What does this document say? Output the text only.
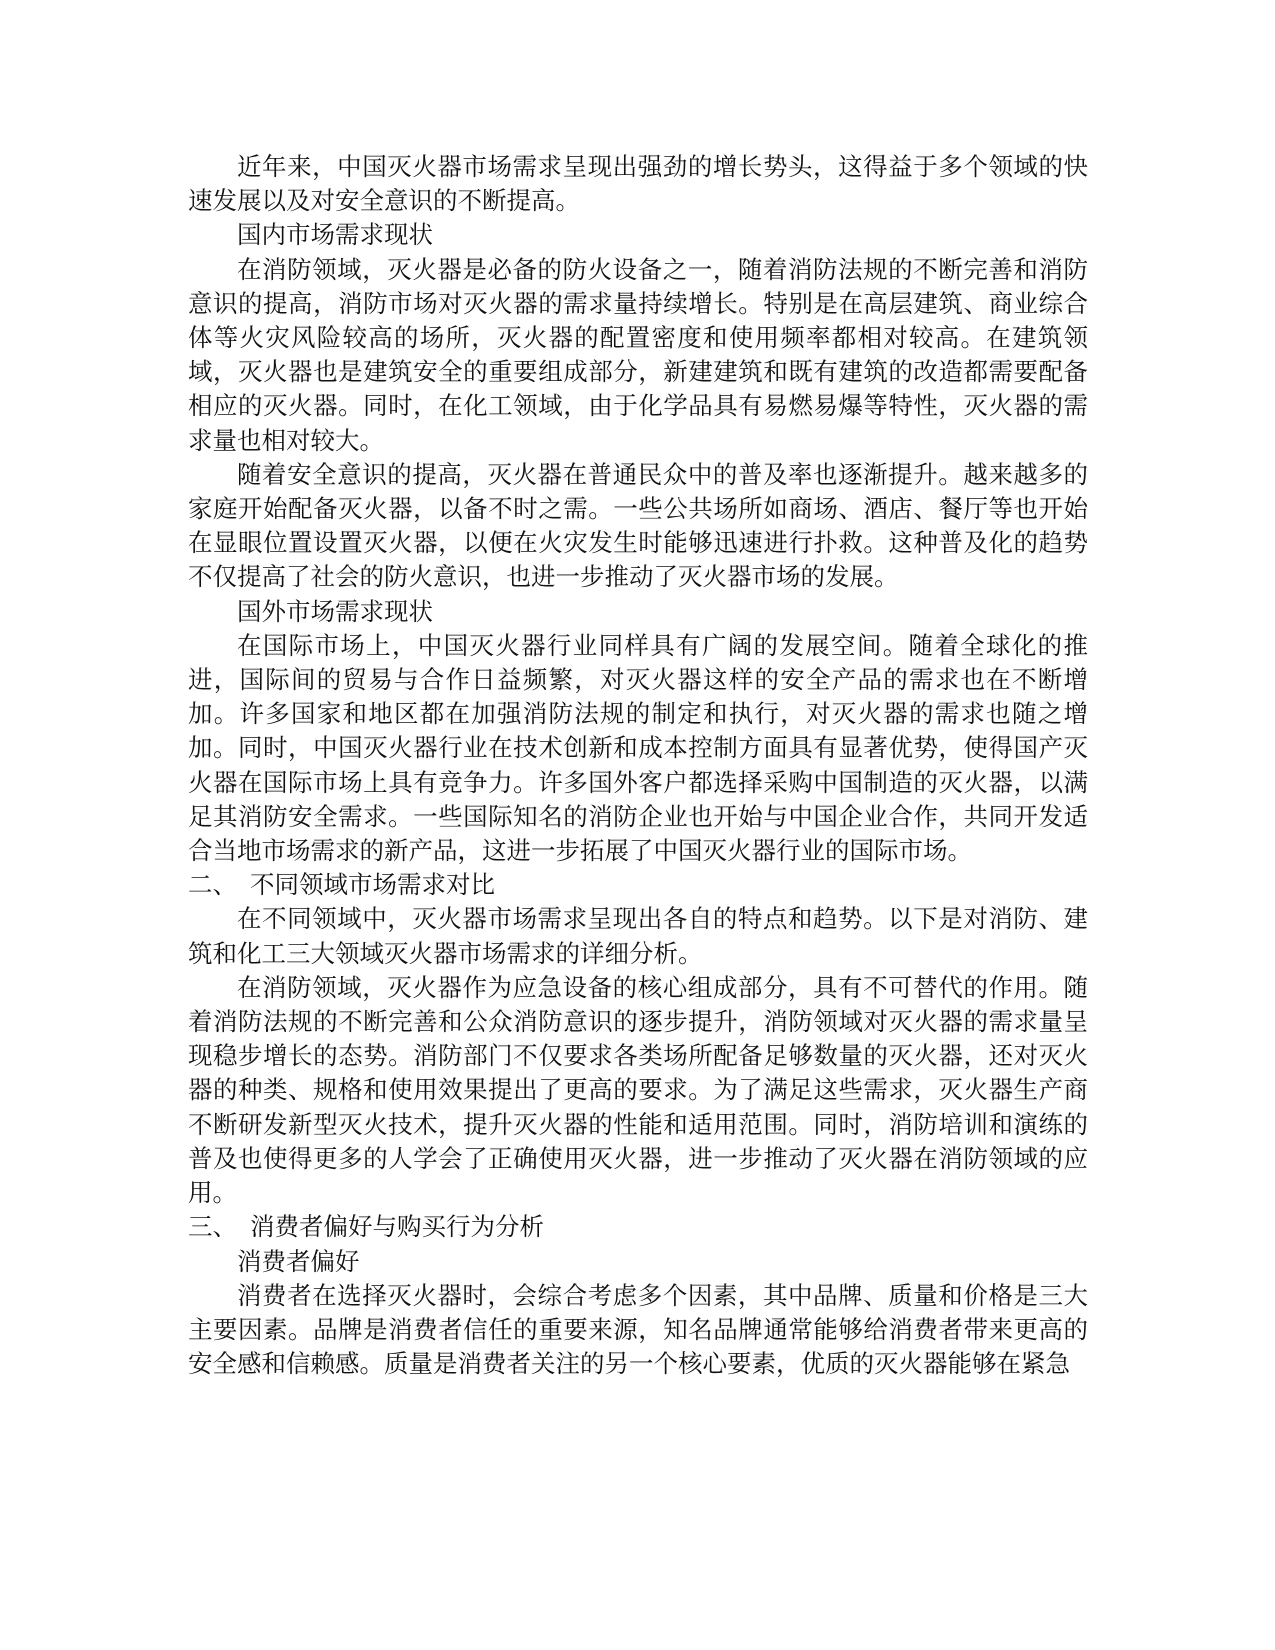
近年来，中国灭火器市场需求呈现出强劲的增长势头，这得益于多个领域的快速发展以及对安全意识的不断提高。

国内市场需求现状

在消防领域，灭火器是必备的防火设备之一，随着消防法规的不断完善和消防意识的提高，消防市场对灭火器的需求量持续增长。特别是在高层建筑、商业综合体等火灾风险较高的场所，灭火器的配置密度和使用频率都相对较高。在建筑领域，灭火器也是建筑安全的重要组成部分，新建建筑和既有建筑的改造都需要配备相应的灭火器。同时，在化工领域，由于化学品具有易燃易爆等特性，灭火器的需求量也相对较大。

随着安全意识的提高，灭火器在普通民众中的普及率也逐渐提升。越来越多的家庭开始配备灭火器，以备不时之需。一些公共场所如商场、酒店、餐厅等也开始在显眼位置设置灭火器，以便在火灾发生时能够迅速进行扑救。这种普及化的趋势不仅提高了社会的防火意识，也进一步推动了灭火器市场的发展。

国外市场需求现状

在国际市场上，中国灭火器行业同样具有广阔的发展空间。随着全球化的推进，国际间的贸易与合作日益频繁，对灭火器这样的安全产品的需求也在不断增加。许多国家和地区都在加强消防法规的制定和执行，对灭火器的需求也随之增加。同时，中国灭火器行业在技术创新和成本控制方面具有显著优势，使得国产灭火器在国际市场上具有竞争力。许多国外客户都选择采购中国制造的灭火器，以满足其消防安全需求。一些国际知名的消防企业也开始与中国企业合作，共同开发适合当地市场需求的新产品，这进一步拓展了中国灭火器行业的国际市场。

二、 不同领域市场需求对比

在不同领域中，灭火器市场需求呈现出各自的特点和趋势。以下是对消防、建筑和化工三大领域灭火器市场需求的详细分析。

在消防领域，灭火器作为应急设备的核心组成部分，具有不可替代的作用。随着消防法规的不断完善和公众消防意识的逐步提升，消防领域对灭火器的需求量呈现稳步增长的态势。消防部门不仅要求各类场所配备足够数量的灭火器，还对灭火器的种类、规格和使用效果提出了更高的要求。为了满足这些需求，灭火器生产商不断研发新型灭火技术，提升灭火器的性能和适用范围。同时，消防培训和演练的普及也使得更多的人学会了正确使用灭火器，进一步推动了灭火器在消防领域的应用。

三、 消费者偏好与购买行为分析

消费者偏好

消费者在选择灭火器时，会综合考虑多个因素，其中品牌、质量和价格是三大主要因素。品牌是消费者信任的重要来源，知名品牌通常能够给消费者带来更高的安全感和信赖感。质量是消费者关注的另一个核心要素，优质的灭火器能够在紧急
